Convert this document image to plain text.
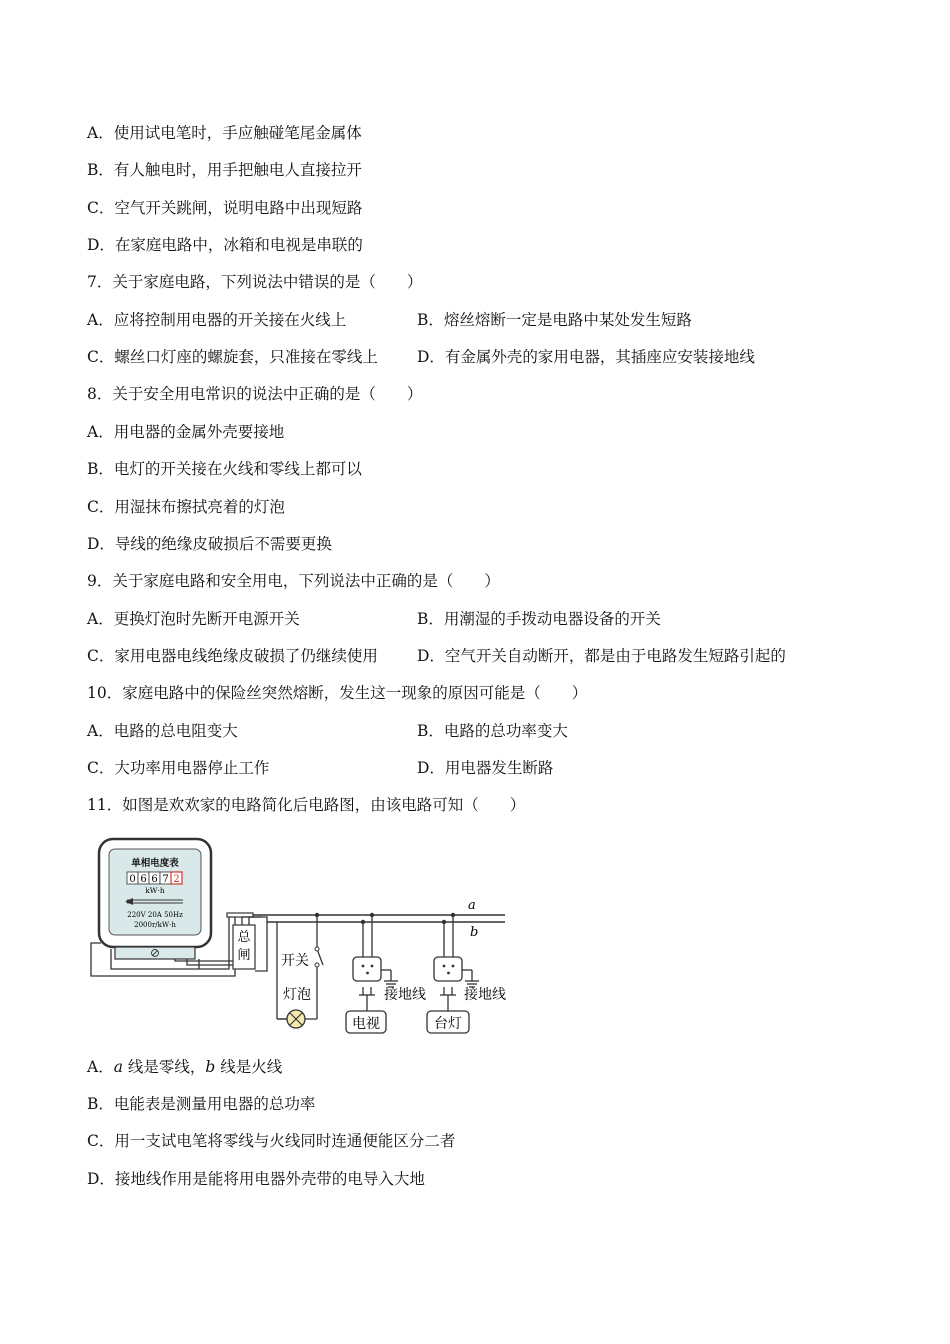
A．使用试电笔时，手应触碰笔尾金属体
B．有人触电时，用手把触电人直接拉开
C．空气开关跳闸，说明电路中出现短路
D．在家庭电路中，冰箱和电视是串联的
7．关于家庭电路，下列说法中错误的是（　　）
A．应将控制用电器的开关接在火线上	B．熔丝熔断一定是电路中某处发生短路
C．螺丝口灯座的螺旋套，只准接在零线上	D．有金属外壳的家用电器，其插座应安装接地线
8．关于安全用电常识的说法中正确的是（　　）
A．用电器的金属外壳要接地
B．电灯的开关接在火线和零线上都可以
C．用湿抹布擦拭亮着的灯泡
D．导线的绝缘皮破损后不需要更换
9．关于家庭电路和安全用电，下列说法中正确的是（　　）
A．更换灯泡时先断开电源开关	B．用潮湿的手拨动电器设备的开关
C．家用电器电线绝缘皮破损了仍继续使用	D．空气开关自动断开，都是由于电路发生短路引起的
10．家庭电路中的保险丝突然熔断，发生这一现象的原因可能是（　　）
A．电路的总电阻变大	B．电路的总功率变大
C．大功率用电器停止工作	D．用电器发生断路
11．如图是欢欢家的电路简化后电路图，由该电路可知（　　）
单相电度表
0 6 6 7 2
kW·h
220V 20A 50Hz
2000r/kW·h
总
闸
a
b
开关
灯泡	接地线
电视
接地线
台灯
A．a 线是零线，b 线是火线
B．电能表是测量用电器的总功率
C．用一支试电笔将零线与火线同时连通便能区分二者
D．接地线作用是能将用电器外壳带的电导入大地
